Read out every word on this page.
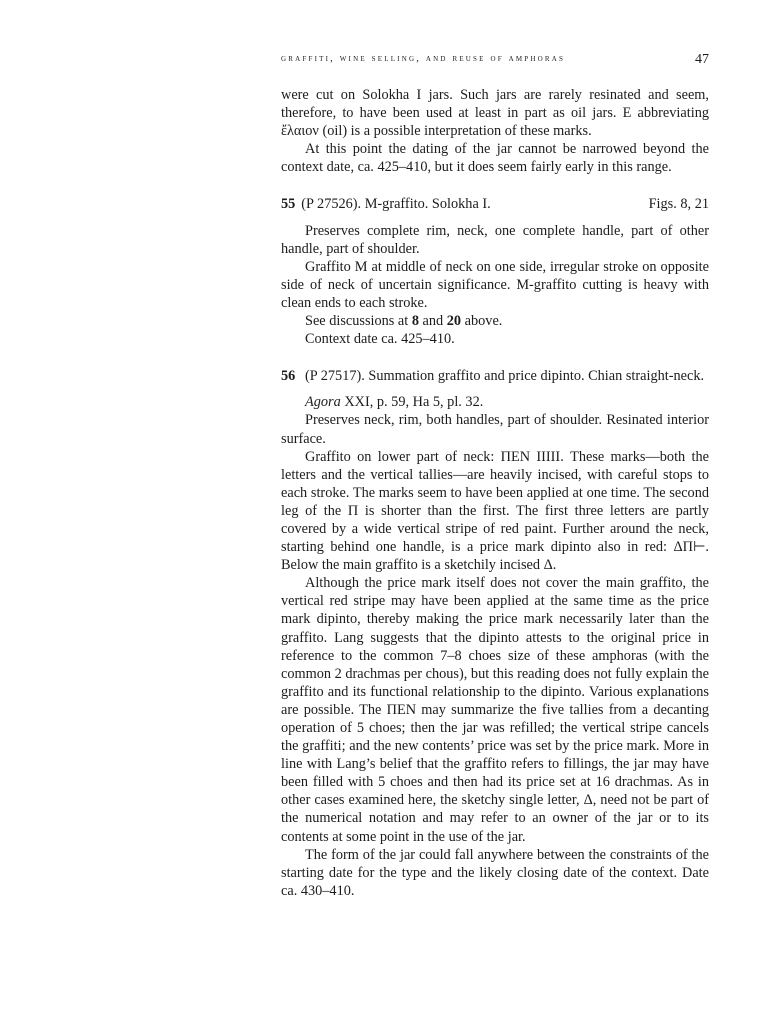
graffiti, wine selling, and reuse of amphoras	47

were cut on Solokha I jars. Such jars are rarely resinated and seem, therefore, to have been used at least in part as oil jars. Ε abbreviating ἔλαιον (oil) is a possible interpretation of these marks.

At this point the dating of the jar cannot be narrowed beyond the context date, ca. 425–410, but it does seem fairly early in this range.

55 (P 27526). Μ-graffito. Solokha I.	Figs. 8, 21

Preserves complete rim, neck, one complete handle, part of other handle, part of shoulder.

Graffito Μ at middle of neck on one side, irregular stroke on opposite side of neck of uncertain significance. Μ-graffito cutting is heavy with clean ends to each stroke.

See discussions at 8 and 20 above.

Context date ca. 425–410.

56 (P 27517). Summation graffito and price dipinto. Chian straight-neck.

Agora XXI, p. 59, Ha 5, pl. 32.

Preserves neck, rim, both handles, part of shoulder. Resinated interior surface.

Graffito on lower part of neck: ΠΕΝ ΙΙΙΙΙ. These marks—both the letters and the vertical tallies—are heavily incised, with careful stops to each stroke. The marks seem to have been applied at one time. The second leg of the Π is shorter than the first. The first three letters are partly covered by a wide vertical stripe of red paint. Further around the neck, starting behind one handle, is a price mark dipinto also in red: ΔΠ⊢. Below the main graffito is a sketchily incised Δ.

Although the price mark itself does not cover the main graffito, the vertical red stripe may have been applied at the same time as the price mark dipinto, thereby making the price mark necessarily later than the graffito. Lang suggests that the dipinto attests to the original price in reference to the common 7–8 choes size of these amphoras (with the common 2 drachmas per chous), but this reading does not fully explain the graffito and its functional relationship to the dipinto. Various explanations are possible. The ΠΕΝ may summarize the five tallies from a decanting operation of 5 choes; then the jar was refilled; the vertical stripe cancels the graffiti; and the new contents’ price was set by the price mark. More in line with Lang’s belief that the graffito refers to fillings, the jar may have been filled with 5 choes and then had its price set at 16 drachmas. As in other cases examined here, the sketchy single letter, Δ, need not be part of the numerical notation and may refer to an owner of the jar or to its contents at some point in the use of the jar.

The form of the jar could fall anywhere between the constraints of the starting date for the type and the likely closing date of the context. Date ca. 430–410.
